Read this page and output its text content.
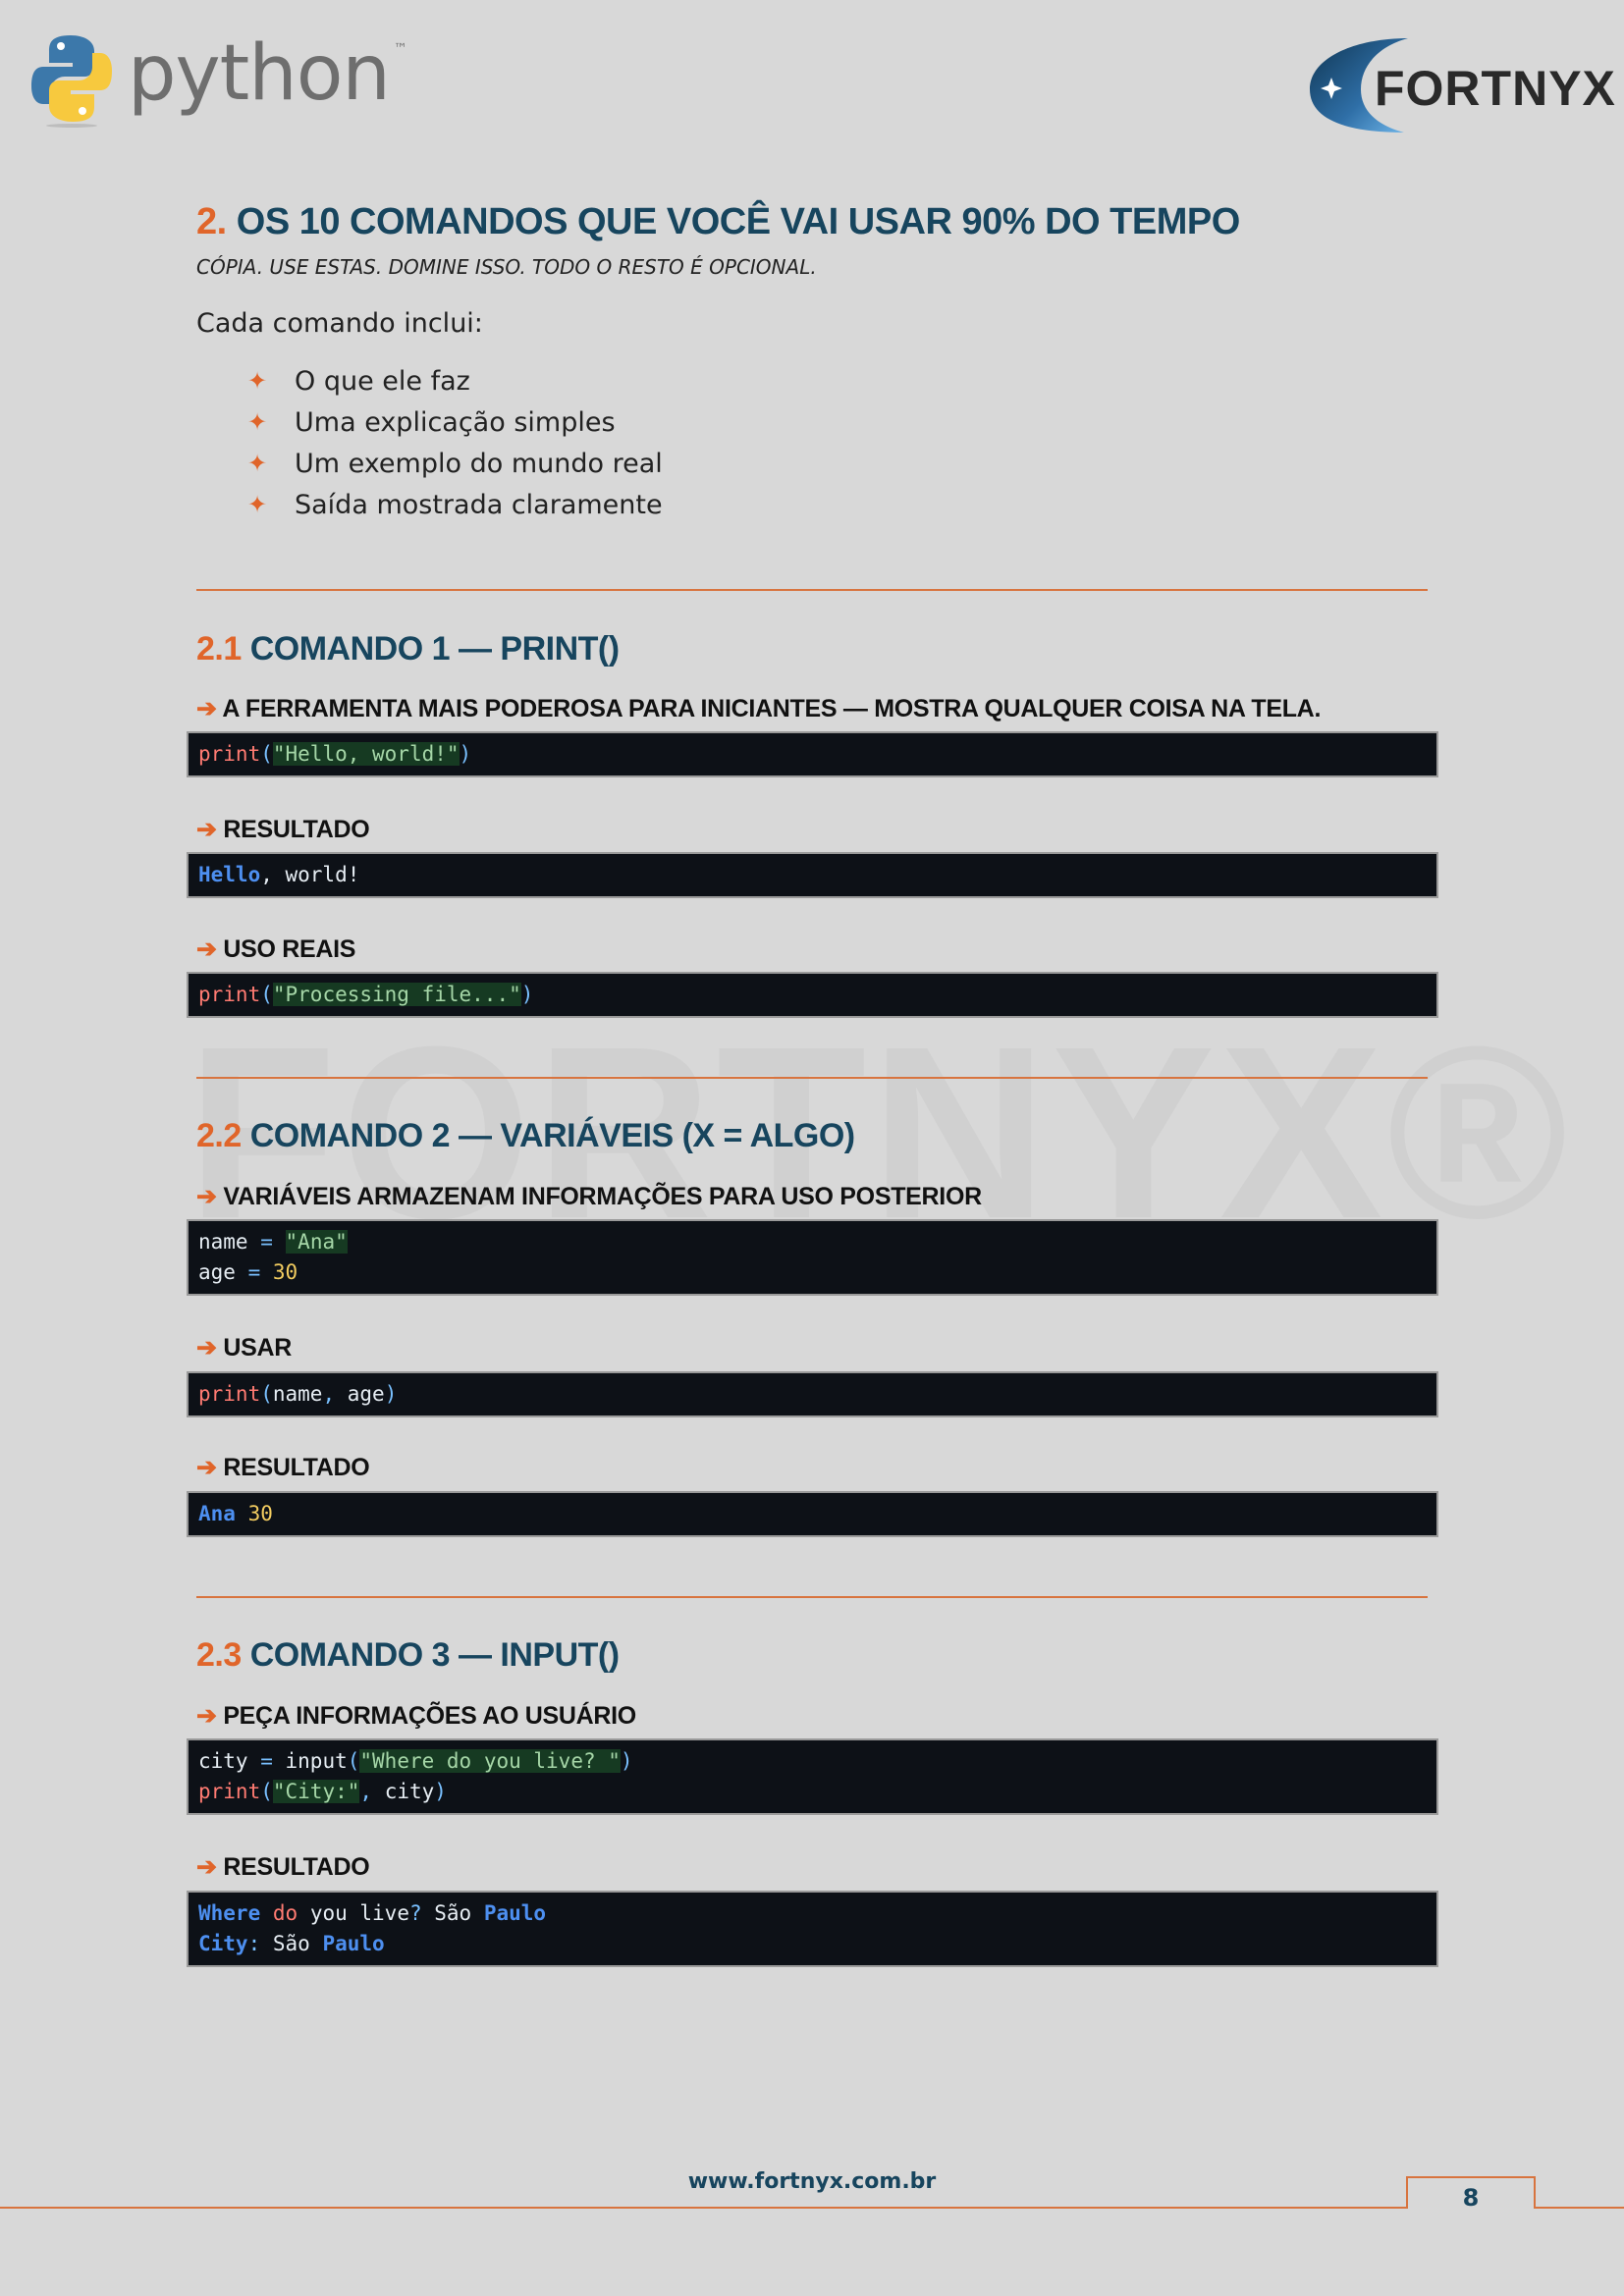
python ™
FORTNYX
2. OS 10 COMANDOS QUE VOCÊ VAI USAR 90% DO TEMPO
CÓPIA. USE ESTAS. DOMINE ISSO. TODO O RESTO É OPCIONAL.
Cada comando inclui:
✦	O que ele faz
✦	Uma explicação simples
✦	Um exemplo do mundo real
✦	Saída mostrada claramente
2.1 COMANDO 1 — PRINT()
➔ A FERRAMENTA MAIS PODEROSA PARA INICIANTES — MOSTRA QUALQUER COISA NA TELA.
print("Hello, world!")
➔ RESULTADO
Hello, world!
➔ USO REAIS
print("Processing file...")
2.2 COMANDO 2 — VARIÁVEIS (X = ALGO)
➔ VARIÁVEIS ARMAZENAM INFORMAÇÕES PARA USO POSTERIOR
name = "Ana"
age = 30
➔ USAR
print(name, age)
➔ RESULTADO
Ana 30
2.3 COMANDO 3 — INPUT()
➔ PEÇA INFORMAÇÕES AO USUÁRIO
city = input("Where do you live? ")
print("City:", city)
➔ RESULTADO
Where do you live? São Paulo
City: São Paulo
www.fortnyx.com.br
8
